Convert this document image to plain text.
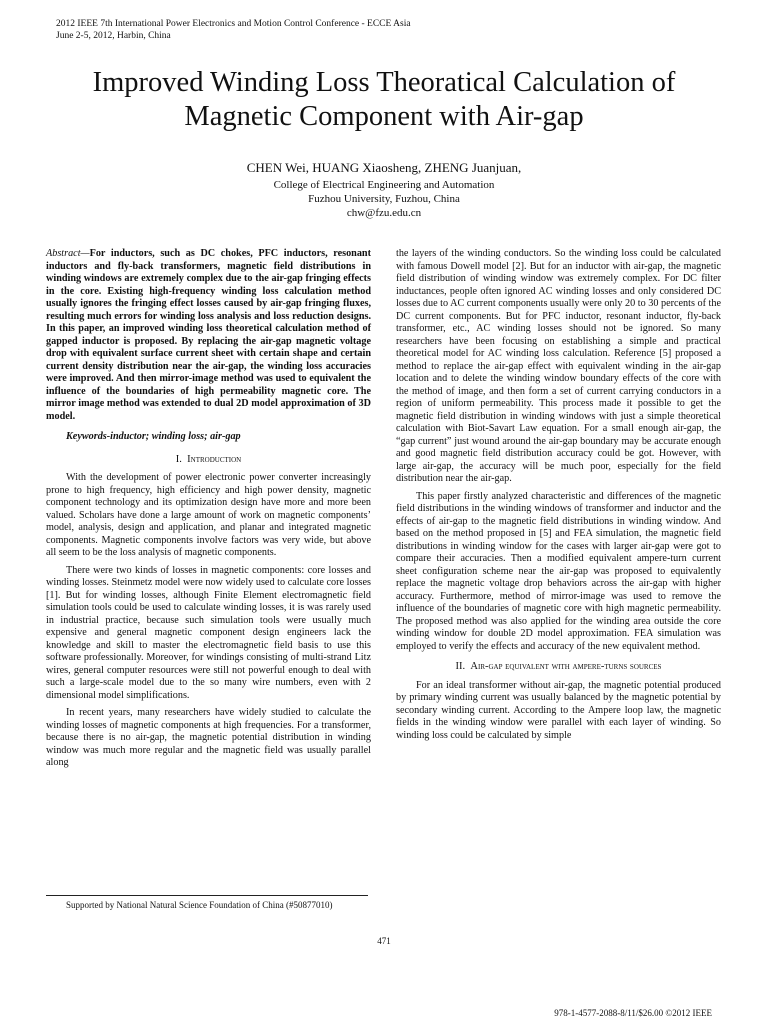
2012 IEEE 7th International Power Electronics and Motion Control Conference - ECCE Asia
June 2-5, 2012, Harbin, China
Improved Winding Loss Theoratical Calculation of Magnetic Component with Air-gap
CHEN Wei, HUANG Xiaosheng, ZHENG Juanjuan,
College of Electrical Engineering and Automation
Fuzhou University, Fuzhou, China
chw@fzu.edu.cn

Abstract—For inductors, such as DC chokes, PFC inductors, resonant inductors and fly-back transformers, magnetic field distributions in winding windows are extremely complex due to the air-gap fringing effects in the core. Existing high-frequency winding loss calculation method usually ignores the fringing effect losses caused by air-gap fringing fluxes, resulting much errors for winding loss analysis and loss reduction designs. In this paper, an improved winding loss theoretical calculation method of gapped inductor is proposed. By replacing the air-gap magnetic voltage drop with equivalent surface current sheet with certain shape and certain current density distribution near the air-gap, the winding loss accuracies were improved. And then mirror-image method was used to equivalent the influence of the boundaries of high permeability magnetic core. The mirror image method was extended to dual 2D model approximation of 3D model.

Keywords-inductor; winding loss; air-gap

I. Introduction

With the development of power electronic power converter increasingly prone to high frequency, high efficiency and high power density, magnetic component technology and its optimization design have more and more been valued. Scholars have done a large amount of work on magnetic components’ model, analysis, design and application, and planar and integrated magnetic components. Magnetic components involve factors was very wide, but above all seem to be the loss analysis of magnetic components.

There were two kinds of losses in magnetic components: core losses and winding losses. Steinmetz model were now widely used to calculate core losses [1]. But for winding losses, although Finite Element electromagnetic field simulation tools could be used to calculate winding losses, it is was rarely used in industrial practice, because such simulation tools were usually much expensive and general magnetic component design engineers lack the knowledge and skill to master the electromagnetic field basis to use this software professionally. Moreover, for windings consisting of multi-strand Litz wires, general computer resources were still not powerful enough to deal with such a large-scale model due to the so many wire numbers, even with 2 dimensional model simplifications.

In recent years, many researchers have widely studied to calculate the winding losses of magnetic components at high frequencies. For a transformer, because there is no air-gap, the magnetic potential distribution in winding window was much more regular and the magnetic field was usually parallel along

the layers of the winding conductors. So the winding loss could be calculated with famous Dowell model [2]. But for an inductor with air-gap, the magnetic field distribution of winding window was extremely complex. For DC filter inductances, people often ignored AC winding losses and only considered DC losses due to AC current components usually were only 20 to 30 percents of the DC current components. But for PFC inductor, resonant inductor, fly-back transformer, etc., AC winding losses should not be ignored. So many researchers have been focusing on establishing a simple and practical theoretical model for AC winding loss calculation. Reference [5] proposed a method to replace the air-gap effect with equivalent winding in the air-gap location and to delete the winding window boundary effects of the core with the method of image, and then form a set of current carrying conductors in a region of uniform permeability. This process made it possible to get the magnetic field distribution in winding windows with just a simple theoretical calculation with Biot-Savart Law equation. For a small enough air-gap, the “gap current” just wound around the air-gap boundary may be accurate enough and good magnetic field distribution accuracy could be got. However, with large air-gap, the accuracy will be much poor, especially for the field distribution near the air-gap.

This paper firstly analyzed characteristic and differences of the magnetic field distributions in the winding windows of transformer and inductor and the effects of air-gap to the magnetic field distributions in winding window. And based on the method proposed in [5] and FEA simulation, the magnetic field distributions in winding window for the cases with larger air-gap were got to compare their accuracies. Then a modified equivalent ampere-turn current sheet configuration scheme near the air-gap was proposed to equivalently replace the magnetic voltage drop behaviors across the air-gap with higher accuracy. Furthermore, method of mirror-image was used to remove the influence of the boundaries of magnetic core with high magnetic permeability. The proposed method was also applied for the winding area outside the core winding window for double 2D model approximation. FEA simulation was employed to verify the effects and accuracy of the new equivalent method.

II. Air-gap equivalent with ampere-turns sources

For an ideal transformer without air-gap, the magnetic potential produced by primary winding current was usually balanced by the magnetic potential by secondary winding current. According to the Ampere loop law, the magnetic fields in the winding window were parallel with each layer of winding. So winding loss could be calculated by simple

Supported by National Natural Science Foundation of China (#50877010)
471
978-1-4577-2088-8/11/$26.00 ©2012 IEEE
